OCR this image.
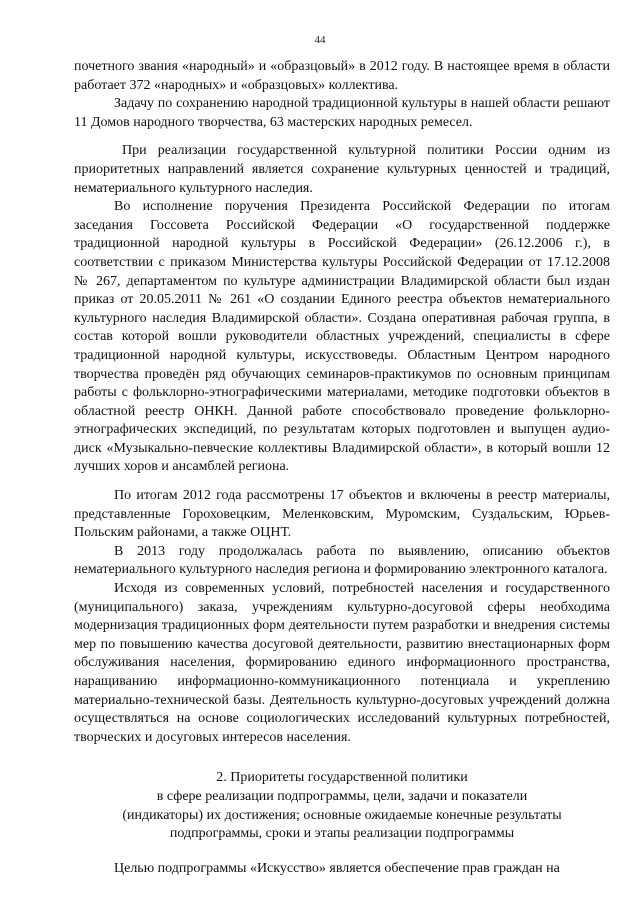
44

почетного звания «народный» и «образцовый» в 2012 году. В настоящее время в области работает 372 «народных» и «образцовых» коллектива.

Задачу по сохранению народной традиционной культуры в нашей области решают 11 Домов народного творчества, 63 мастерских народных ремесел.

При реализации государственной культурной политики России одним из приоритетных направлений является сохранение культурных ценностей и традиций, нематериального культурного наследия.

Во исполнение поручения Президента Российской Федерации по итогам заседания Госсовета Российской Федерации «О государственной поддержке традиционной народной культуры в Российской Федерации» (26.12.2006 г.), в соответствии с приказом Министерства культуры Российской Федерации от 17.12.2008 № 267, департаментом по культуре администрации Владимирской области был издан приказ от 20.05.2011 № 261 «О создании Единого реестра объектов нематериального культурного наследия Владимирской области». Создана оперативная рабочая группа, в состав которой вошли руководители областных учреждений, специалисты в сфере традиционной народной культуры, искусствоведы. Областным Центром народного творчества проведён ряд обучающих семинаров-практикумов по основным принципам работы с фольклорно-этнографическими материалами, методике подготовки объектов в областной реестр ОНКН. Данной работе способствовало проведение фольклорно-этнографических экспедиций, по результатам которых подготовлен и выпущен аудио-диск «Музыкально-певческие коллективы Владимирской области», в который вошли 12 лучших хоров и ансамблей региона.

По итогам 2012 года рассмотрены 17 объектов и включены в реестр материалы, представленные Гороховецким, Меленковским, Муромским, Суздальским, Юрьев-Польским районами, а также ОЦНТ.

В 2013 году продолжалась работа по выявлению, описанию объектов нематериального культурного наследия региона и формированию электронного каталога.

Исходя из современных условий, потребностей населения и государственного (муниципального) заказа, учреждениям культурно-досуговой сферы необходима модернизация традиционных форм деятельности путем разработки и внедрения системы мер по повышению качества досуговой деятельности, развитию внестационарных форм обслуживания населения, формированию единого информационного пространства, наращиванию информационно-коммуникационного потенциала и укреплению материально-технической базы. Деятельность культурно-досуговых учреждений должна осуществляться на основе социологических исследований культурных потребностей, творческих и досуговых интересов населения.

2. Приоритеты государственной политики
в сфере реализации подпрограммы, цели, задачи и показатели
(индикаторы) их достижения; основные ожидаемые конечные результаты
подпрограммы, сроки и этапы реализации подпрограммы

Целью подпрограммы «Искусство» является обеспечение прав граждан на
